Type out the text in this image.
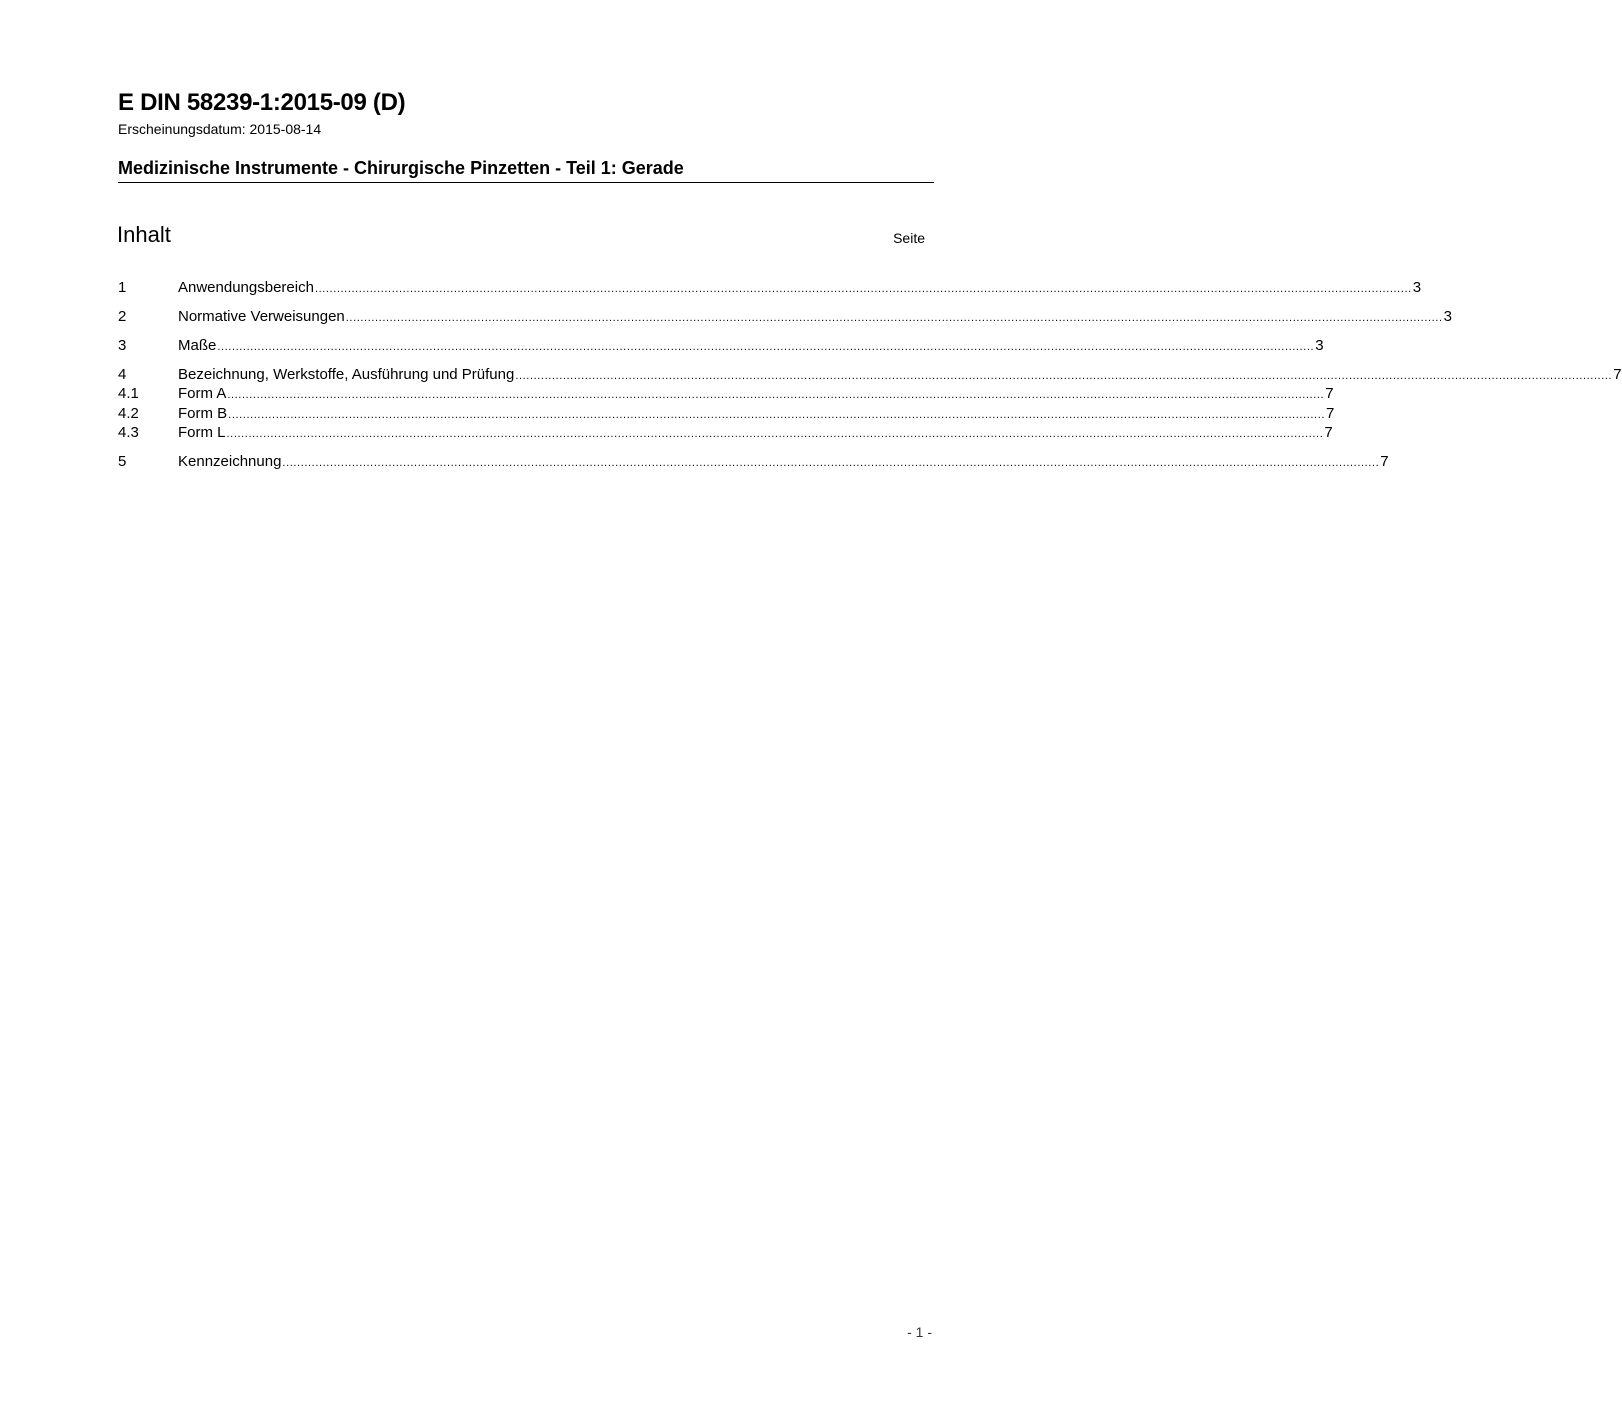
E DIN 58239-1:2015-09 (D)
Erscheinungsdatum: 2015-08-14
Medizinische Instrumente - Chirurgische Pinzetten - Teil 1: Gerade
Inhalt	Seite
1	Anwendungsbereich ............................................................................................................................................................................................................................................................................................................ 3
2	Normative Verweisungen ............................................................................................................................................................................................................................................................................................................ 3
3	Maße ............................................................................................................................................................................................................................................................................................................ 3
4	Bezeichnung, Werkstoffe, Ausführung und Prüfung ............................................................................................................................................................................................................................................................................................................ 7
4.1	Form A ............................................................................................................................................................................................................................................................................................................ 7
4.2	Form B ............................................................................................................................................................................................................................................................................................................ 7
4.3	Form L ............................................................................................................................................................................................................................................................................................................ 7
5	Kennzeichnung ............................................................................................................................................................................................................................................................................................................ 7
- 1 -
